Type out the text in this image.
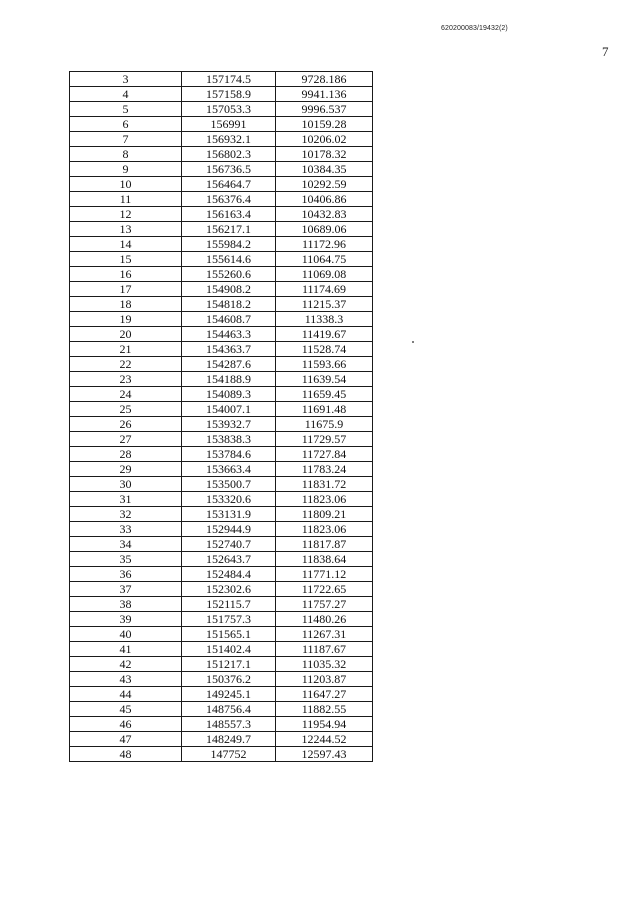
620200083/19432(2)
7
3	157174.5	9728.186
4	157158.9	9941.136
5	157053.3	9996.537
6	156991	10159.28
7	156932.1	10206.02
8	156802.3	10178.32
9	156736.5	10384.35
10	156464.7	10292.59
11	156376.4	10406.86
12	156163.4	10432.83
13	156217.1	10689.06
14	155984.2	11172.96
15	155614.6	11064.75
16	155260.6	11069.08
17	154908.2	11174.69
18	154818.2	11215.37
19	154608.7	11338.3
20	154463.3	11419.67
21	154363.7	11528.74
22	154287.6	11593.66
23	154188.9	11639.54
24	154089.3	11659.45
25	154007.1	11691.48
26	153932.7	11675.9
27	153838.3	11729.57
28	153784.6	11727.84
29	153663.4	11783.24
30	153500.7	11831.72
31	153320.6	11823.06
32	153131.9	11809.21
33	152944.9	11823.06
34	152740.7	11817.87
35	152643.7	11838.64
36	152484.4	11771.12
37	152302.6	11722.65
38	152115.7	11757.27
39	151757.3	11480.26
40	151565.1	11267.31
41	151402.4	11187.67
42	151217.1	11035.32
43	150376.2	11203.87
44	149245.1	11647.27
45	148756.4	11882.55
46	148557.3	11954.94
47	148249.7	12244.52
48	147752	12597.43
